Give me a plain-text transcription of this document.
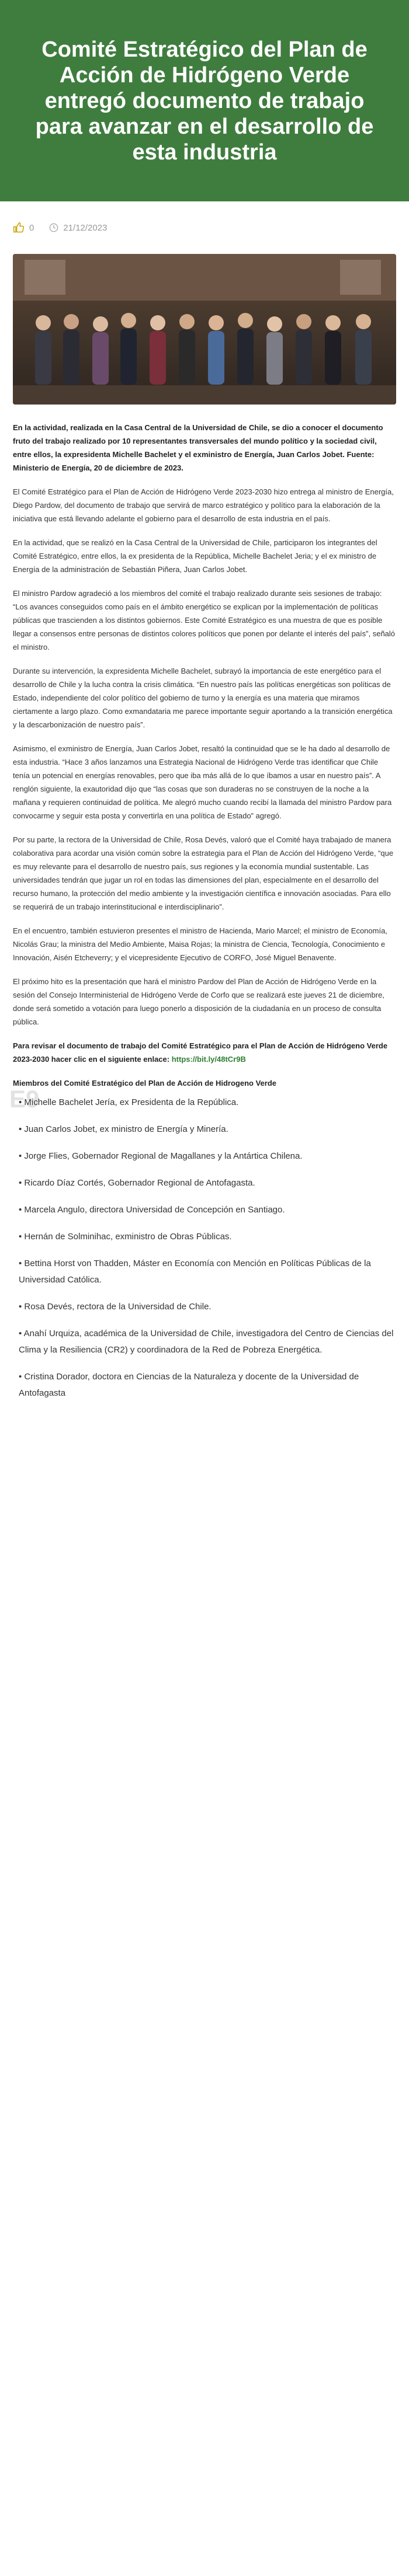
Comité Estratégico del Plan de Acción de Hidrógeno Verde entregó documento de trabajo para avanzar en el desarrollo de esta industria
0	21/12/2023

En la actividad, realizada en la Casa Central de la Universidad de Chile, se dio a conocer el documento fruto del trabajo realizado por 10 representantes transversales del mundo político y la sociedad civil, entre ellos, la expresidenta Michelle Bachelet y el exministro de Energía, Juan Carlos Jobet. Fuente: Ministerio de Energía, 20 de diciembre de 2023.

El Comité Estratégico para el Plan de Acción de Hidrógeno Verde 2023-2030 hizo entrega al ministro de Energía, Diego Pardow, del documento de trabajo que servirá de marco estratégico y político para la elaboración de la iniciativa que está llevando adelante el gobierno para el desarrollo de esta industria en el país.

En la actividad, que se realizó en la Casa Central de la Universidad de Chile, participaron los integrantes del Comité Estratégico, entre ellos, la ex presidenta de la República, Michelle Bachelet Jeria; y el ex ministro de Energía de la administración de Sebastián Piñera, Juan Carlos Jobet.

El ministro Pardow agradeció a los miembros del comité el trabajo realizado durante seis sesiones de trabajo: “Los avances conseguidos como país en el ámbito energético se explican por la implementación de políticas públicas que trascienden a los distintos gobiernos. Este Comité Estratégico es una muestra de que es posible llegar a consensos entre personas de distintos colores políticos que ponen por delante el interés del país”, señaló el ministro.

Durante su intervención, la expresidenta Michelle Bachelet, subrayó la importancia de este energético para el desarrollo de Chile y la lucha contra la crisis climática. “En nuestro país las políticas energéticas son políticas de Estado, independiente del color político del gobierno de turno y la energía es una materia que miramos ciertamente a largo plazo. Como exmandataria me parece importante seguir aportando a la transición energética y la descarbonización de nuestro país”.

Asimismo, el exministro de Energía, Juan Carlos Jobet, resaltó la continuidad que se le ha dado al desarrollo de esta industria. “Hace 3 años lanzamos una Estrategia Nacional de Hidrógeno Verde tras identificar que Chile tenía un potencial en energías renovables, pero que iba más allá de lo que íbamos a usar en nuestro país”. A renglón siguiente, la exautoridad dijo que “las cosas que son duraderas no se construyen de la noche a la mañana y requieren continuidad de política. Me alegró mucho cuando recibí la llamada del ministro Pardow para convocarme y seguir esta posta y convertirla en una política de Estado” agregó.

Por su parte, la rectora de la Universidad de Chile, Rosa Devés, valoró que el Comité haya trabajado de manera colaborativa para acordar una visión común sobre la estrategia para el Plan de Acción del Hidrógeno Verde, “que es muy relevante para el desarrollo de nuestro país, sus regiones y la economía mundial sustentable. Las universidades tendrán que jugar un rol en todas las dimensiones del plan, especialmente en el desarrollo del recurso humano, la protección del medio ambiente y la investigación científica e innovación asociadas. Para ello se requerirá de un trabajo interinstitucional e interdisciplinario”.

En el encuentro, también estuvieron presentes el ministro de Hacienda, Mario Marcel; el ministro de Economía, Nicolás Grau; la ministra del Medio Ambiente, Maisa Rojas; la ministra de Ciencia, Tecnología, Conocimiento e Innovación, Aisén Etcheverry; y el vicepresidente Ejecutivo de CORFO, José Miguel Benavente.

El próximo hito es la presentación que hará el ministro Pardow del Plan de Acción de Hidrógeno Verde en la sesión del Consejo Interministerial de Hidrógeno Verde de Corfo que se realizará este jueves 21 de diciembre, donde será sometido a votación para luego ponerlo a disposición de la ciudadanía en un proceso de consulta pública.

Para revisar el documento de trabajo del Comité Estratégico para el Plan de Acción de Hidrógeno Verde 2023-2030 hacer clic en el siguiente enlace: https://bit.ly/48tCr9B

Miembros del Comité Estratégico del Plan de Acción de Hidrogeno Verde
E9
• Michelle Bachelet Jería, ex Presidenta de la República.
• Juan Carlos Jobet, ex ministro de Energía y Minería.
• Jorge Flies, Gobernador Regional de Magallanes y la Antártica Chilena.
• Ricardo Díaz Cortés, Gobernador Regional de Antofagasta.
• Marcela Angulo, directora Universidad de Concepción en Santiago.
• Hernán de Solminihac, exministro de Obras Públicas.
• Bettina Horst von Thadden, Máster en Economía con Mención en Políticas Públicas de la Universidad Católica.
• Rosa Devés, rectora de la Universidad de Chile.
• Anahí Urquiza, académica de la Universidad de Chile, investigadora del Centro de Ciencias del Clima y la Resiliencia (CR2) y coordinadora de la Red de Pobreza Energética.
• Cristina Dorador, doctora en Ciencias de la Naturaleza y docente de la Universidad de Antofagasta
